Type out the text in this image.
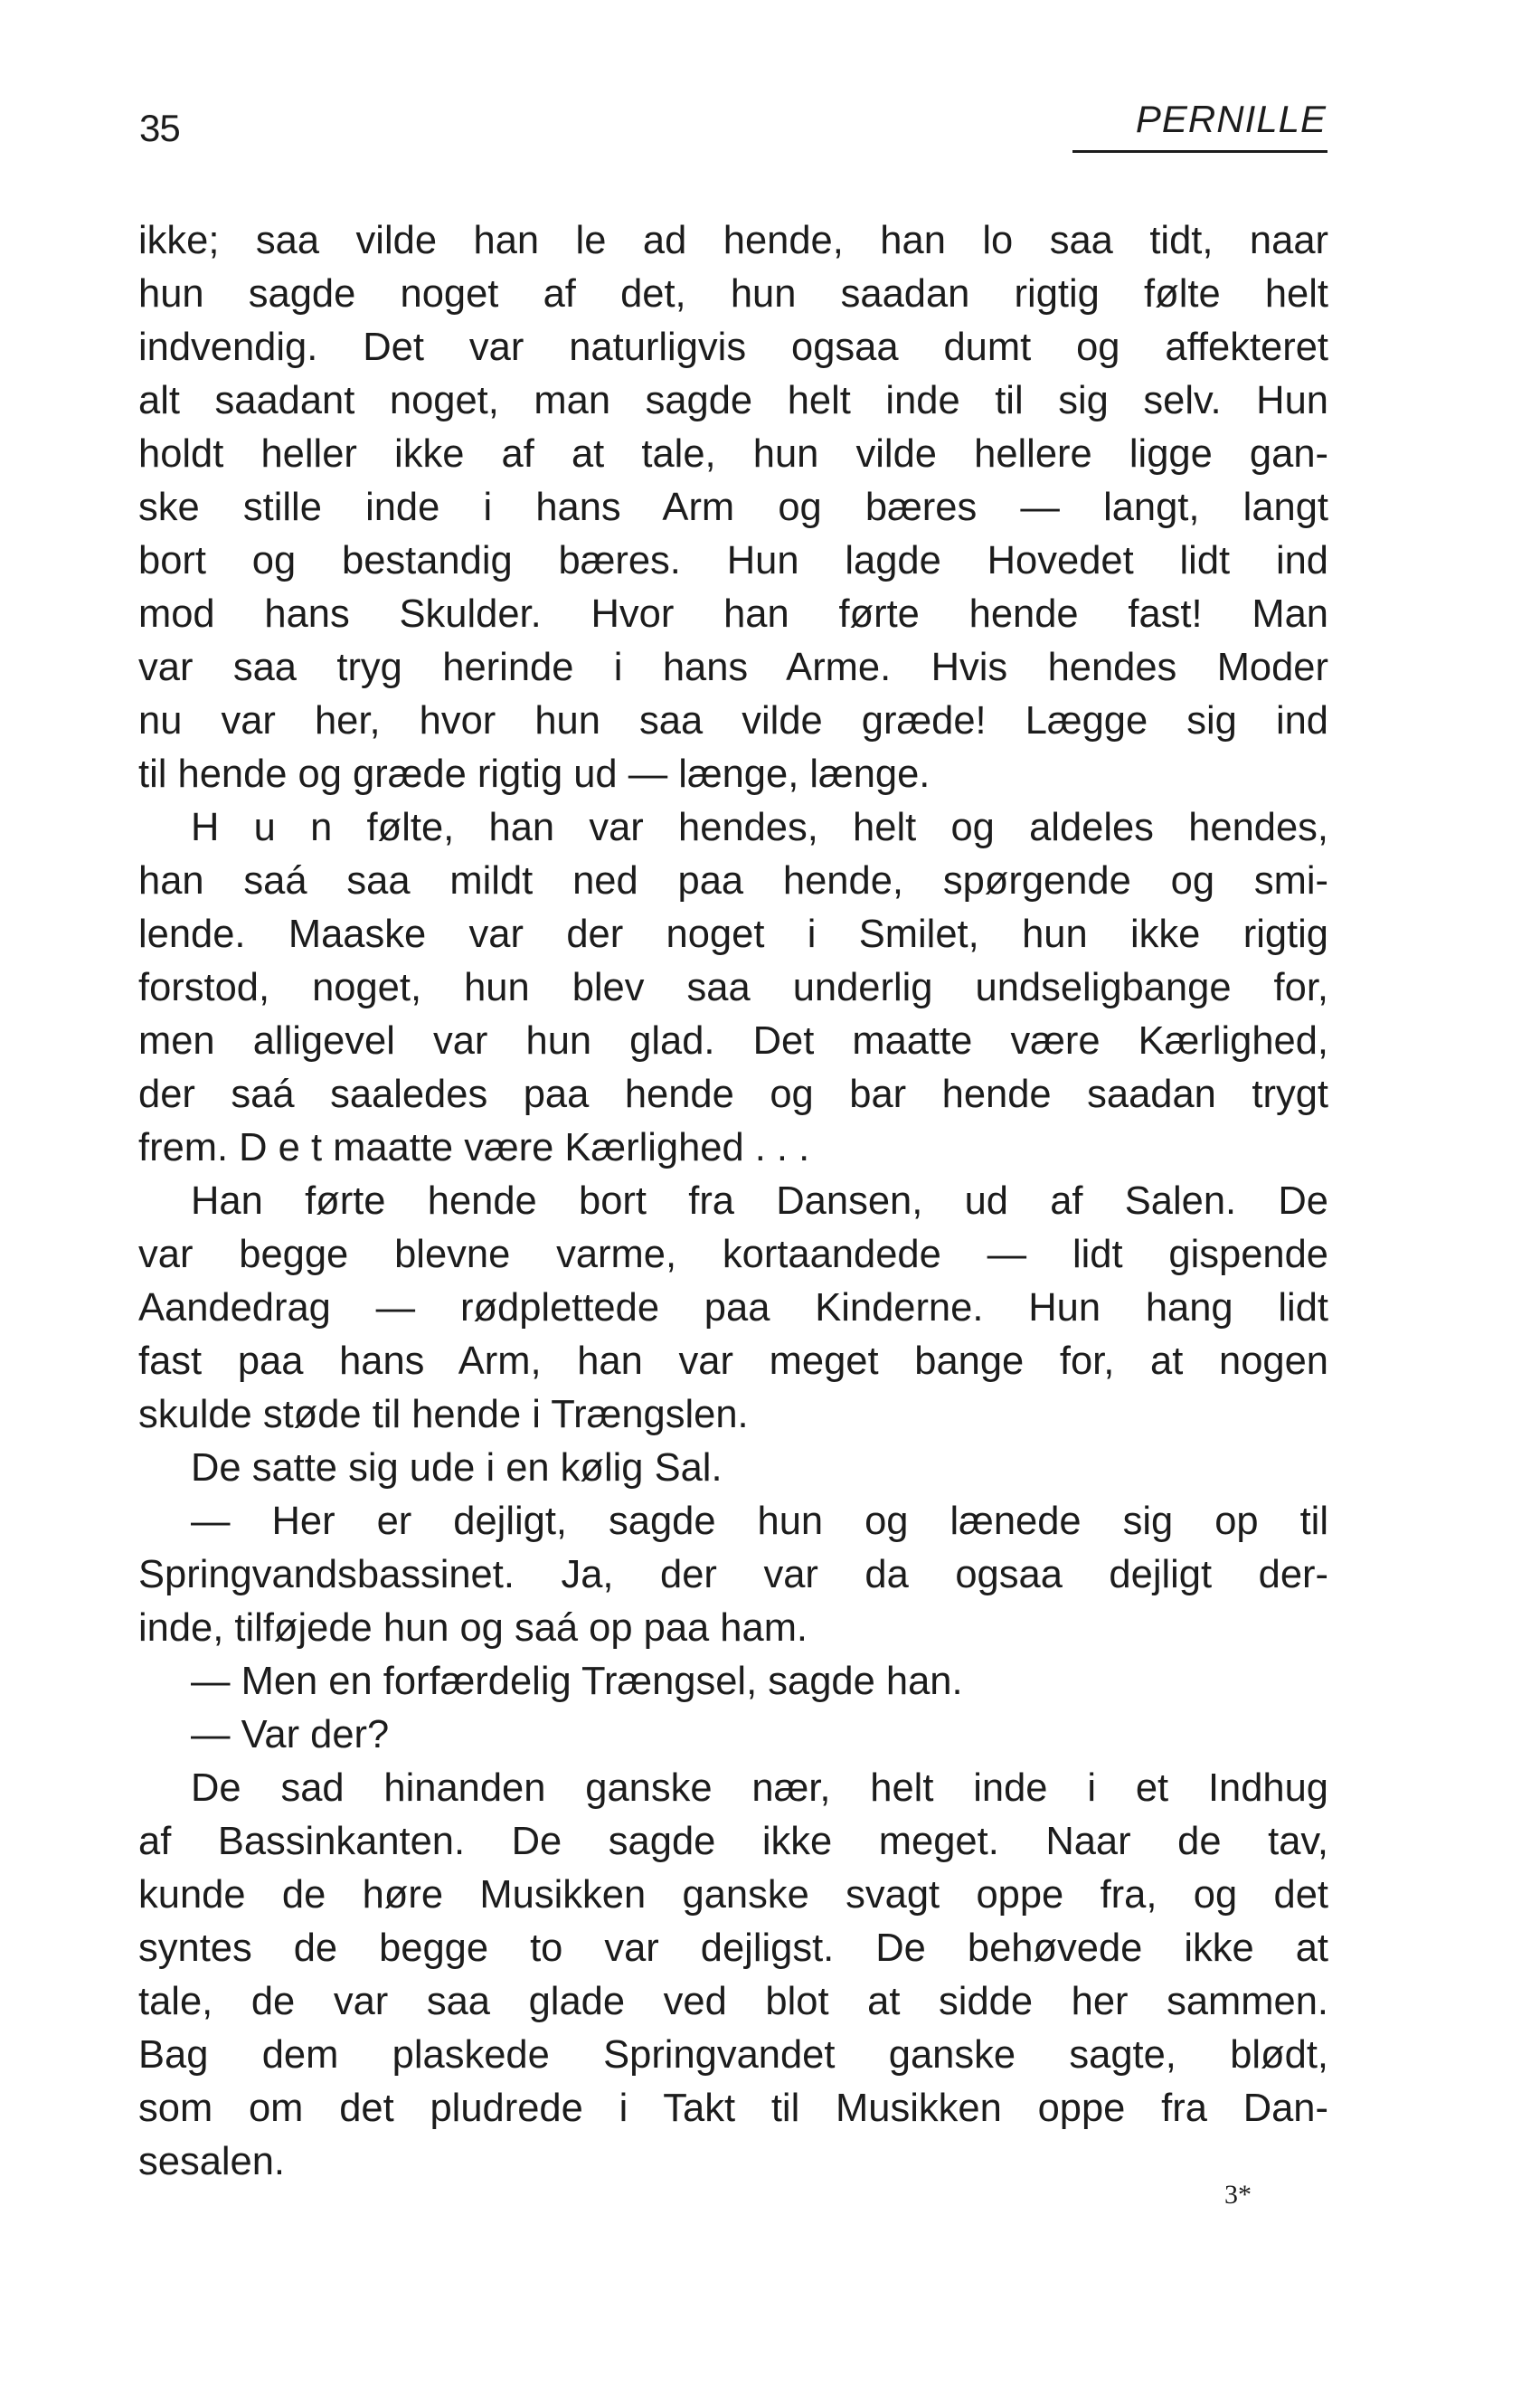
35	PERNILLE
ikke; saa vilde han le ad hende, han lo saa tidt, naar
hun sagde noget af det, hun saadan rigtig følte helt
indvendig. Det var naturligvis ogsaa dumt og affekteret
alt saadant noget, man sagde helt inde til sig selv. Hun
holdt heller ikke af at tale, hun vilde hellere ligge gan-
ske stille inde i hans Arm og bæres — langt, langt
bort og bestandig bæres. Hun lagde Hovedet lidt ind
mod hans Skulder. Hvor han førte hende fast! Man
var saa tryg herinde i hans Arme. Hvis hendes Moder
nu var her, hvor hun saa vilde græde! Lægge sig ind
til hende og græde rigtig ud — længe, længe.
H u n følte, han var hendes, helt og aldeles hendes,
han saá saa mildt ned paa hende, spørgende og smi-
lende. Maaske var der noget i Smilet, hun ikke rigtig
forstod, noget, hun blev saa underlig undseligbange for,
men alligevel var hun glad. Det maatte være Kærlighed,
der saá saaledes paa hende og bar hende saadan trygt
frem. D e t maatte være Kærlighed . . .
Han førte hende bort fra Dansen, ud af Salen. De
var begge blevne varme, kortaandede — lidt gispende
Aandedrag — rødplettede paa Kinderne. Hun hang lidt
fast paa hans Arm, han var meget bange for, at nogen
skulde støde til hende i Trængslen.
De satte sig ude i en kølig Sal.
— Her er dejligt, sagde hun og lænede sig op til
Springvandsbassinet. Ja, der var da ogsaa dejligt der-
inde, tilføjede hun og saá op paa ham.
— Men en forfærdelig Trængsel, sagde han.
— Var der?
De sad hinanden ganske nær, helt inde i et Indhug
af Bassinkanten. De sagde ikke meget. Naar de tav,
kunde de høre Musikken ganske svagt oppe fra, og det
syntes de begge to var dejligst. De behøvede ikke at
tale, de var saa glade ved blot at sidde her sammen.
Bag dem plaskede Springvandet ganske sagte, blødt,
som om det pludrede i Takt til Musikken oppe fra Dan-
sesalen.
3*
